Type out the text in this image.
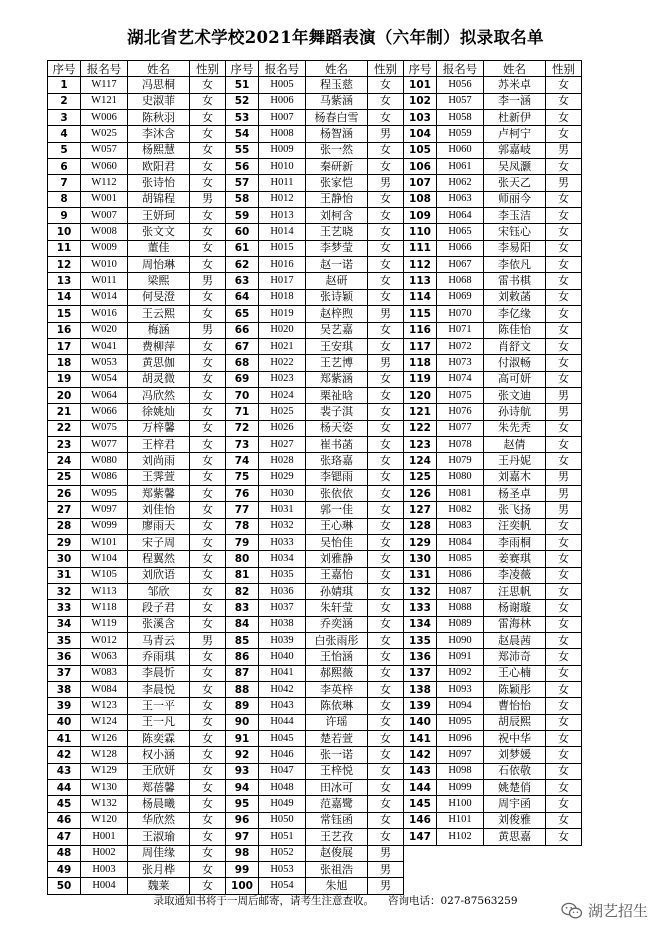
湖北省艺术学校2021年舞蹈表演（六年制）拟录取名单
序号	报名号	姓名	性别	序号	报名号	姓名	性别	序号	报名号	姓名	性别
1	W117	冯思桐	女	51	H005	程玉慈	女	101	H056	苏米卓	女
2	W121	史淑菲	女	52	H006	马紫涵	女	102	H057	李一涵	女
3	W006	陈秋羽	女	53	H007	杨春白雪	女	103	H058	杜新伊	女
4	W025	李沐含	女	54	H008	杨智涵	男	104	H059	卢柯宁	女
5	W057	杨熙慧	女	55	H009	张一然	女	105	H060	郭嘉岐	男
6	W060	欧阳君	女	56	H010	秦研新	女	106	H061	吴凤灏	女
7	W112	张诗怡	女	57	H011	张家恺	男	107	H062	张天乙	男
8	W001	胡锦程	男	58	H012	王静怡	女	108	H063	师丽今	女
9	W007	王妍珂	女	59	H013	刘柯含	女	109	H064	李玉洁	女
10	W008	张文文	女	60	H014	王艺晓	女	110	H065	宋钰心	女
11	W009	董佳	女	61	H015	李梦莹	女	111	H066	李易阳	女
12	W010	周怡琳	女	62	H016	赵一诺	女	112	H067	李依凡	女
13	W011	梁熙	男	63	H017	赵研	女	113	H068	雷书棋	女
14	W014	何旻澄	女	64	H018	张诗颖	女	114	H069	刘敕菡	女
15	W016	王云熙	女	65	H019	赵梓煦	男	115	H070	李亿缘	女
16	W020	梅涵	男	66	H020	吴艺嘉	女	116	H071	陈佳怡	女
17	W041	费柳萍	女	67	H021	王安琪	女	117	H072	肖舒文	女
18	W053	黄思伽	女	68	H022	王艺博	男	118	H073	付淑畅	女
19	W054	胡灵微	女	69	H023	郑紫涵	女	119	H074	高可妍	女
20	W064	冯欣然	女	70	H024	栗祉晗	女	120	H075	张文迪	男
21	W066	徐姚灿	女	71	H025	裴子淇	女	121	H076	孙诗航	男
22	W075	万梓馨	女	72	H026	杨天姿	女	122	H077	朱先秃	女
23	W077	王梓君	女	73	H027	崔书菡	女	123	H078	赵倩	女
24	W080	刘尚雨	女	74	H028	张珞嘉	女	124	H079	王丹妮	女
25	W086	王霁萱	女	75	H029	李锶雨	女	125	H080	刘嘉木	男
26	W095	郑紫馨	女	76	H030	张依依	女	126	H081	杨圣卓	男
27	W097	刘佳怡	女	77	H031	郭一佳	女	127	H082	张飞扬	男
28	W099	廖雨天	女	78	H032	王心琳	女	128	H083	汪奕帆	女
29	W101	宋子周	女	79	H033	吴怡佳	女	129	H084	李雨桐	女
30	W104	程翼然	女	80	H034	刘雅静	女	130	H085	姜赛琪	女
31	W105	刘欣语	女	81	H035	王嘉怡	女	131	H086	李凌薇	女
32	W113	邹欣	女	82	H036	孙婧琪	女	132	H087	汪思帆	女
33	W118	段子君	女	83	H037	朱轩莹	女	133	H088	杨谢璇	女
34	W119	张溪含	女	84	H038	乔奕涵	女	134	H089	雷海林	女
35	W012	马青云	男	85	H039	白张雨彤	女	135	H090	赵晨茜	女
36	W063	乔雨琪	女	86	H040	王怡涵	女	136	H091	郑沛奇	女
37	W083	李晨忻	女	87	H041	郝熙薇	女	137	H092	王心楠	女
38	W084	李晨悦	女	88	H042	李英梓	女	138	H093	陈颖彤	女
39	W123	王一平	女	89	H043	陈依琳	女	139	H094	曹怡怡	女
40	W124	王一凡	女	90	H044	许瑶	女	140	H095	胡辰熙	女
41	W126	陈奕霖	女	91	H045	楚若萱	女	141	H096	祝中华	女
42	W128	权小涵	女	92	H046	张一诺	女	142	H097	刘梦媛	女
43	W129	王欣妍	女	93	H047	王梓悦	女	143	H098	石依敬	女
44	W130	郑蓓馨	女	94	H048	田冰可	女	144	H099	姚楚俏	女
45	W132	杨晨曦	女	95	H049	范嘉鹭	女	145	H100	周宇函	女
46	W120	华欣然	女	96	H050	常钰函	女	146	H101	刘俊雅	女
47	H001	王淑瑜	女	97	H051	王艺孜	女	147	H102	黄思嘉	女
48	H002	周佳缘	女	98	H052	赵俊展	男				
49	H003	张月桦	女	99	H053	张祖浩	男				
50	H004	魏莱	女	100	H054	朱旭	男				
录取通知书将于一周后邮寄，请考生注意查收。 咨询电话：027-87563259
湖艺招生
